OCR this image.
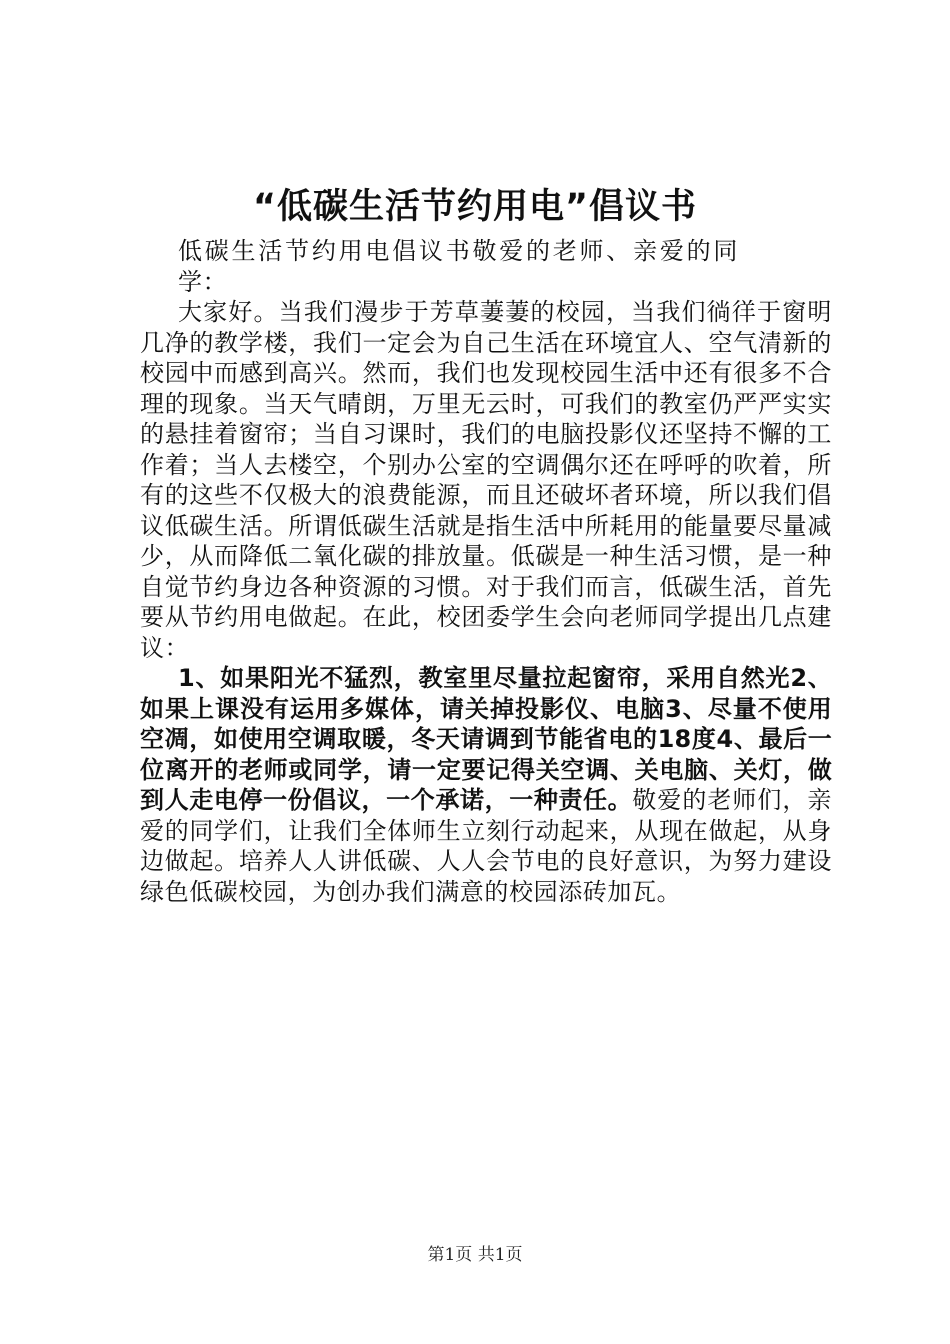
“低碳生活节约用电”倡议书

低碳生活节约用电倡议书敬爱的老师、亲爱的同学：

大家好。当我们漫步于芳草萋萋的校园，当我们徜徉于窗明几净的教学楼，我们一定会为自己生活在环境宜人、空气清新的校园中而感到高兴。然而，我们也发现校园生活中还有很多不合理的现象。当天气晴朗，万里无云时，可我们的教室仍严严实实的悬挂着窗帘；当自习课时，我们的电脑投影仪还坚持不懈的工作着；当人去楼空，个别办公室的空调偶尔还在呼呼的吹着，所有的这些不仅极大的浪费能源，而且还破坏者环境，所以我们倡议低碳生活。所谓低碳生活就是指生活中所耗用的能量要尽量减少，从而降低二氧化碳的排放量。低碳是一种生活习惯，是一种自觉节约身边各种资源的习惯。对于我们而言，低碳生活，首先要从节约用电做起。在此，校团委学生会向老师同学提出几点建议：

1、如果阳光不猛烈，教室里尽量拉起窗帘，采用自然光2、如果上课没有运用多媒体，请关掉投影仪、电脑3、尽量不使用空凋，如使用空调取暖，冬天请调到节能省电的18度4、最后一位离开的老师或同学，请一定要记得关空调、关电脑、关灯，做到人走电停一份倡议，一个承诺，一种责任。敬爱的老师们，亲爱的同学们，让我们全体师生立刻行动起来，从现在做起，从身边做起。培养人人讲低碳、人人会节电的良好意识，为努力建设绿色低碳校园，为创办我们满意的校园添砖加瓦。

第1页 共1页
